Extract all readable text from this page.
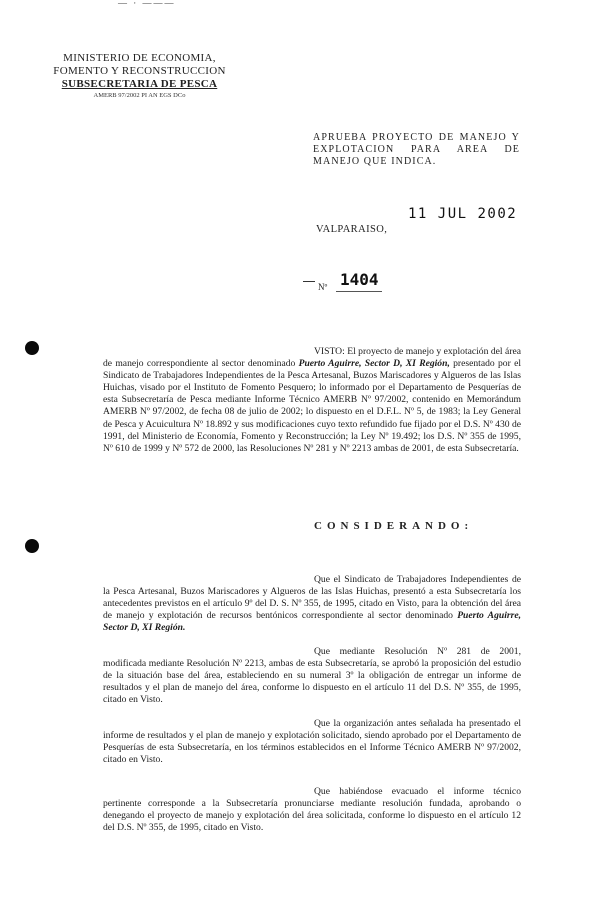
— · ———
MINISTERIO DE ECONOMIA,
FOMENTO Y RECONSTRUCCION
SUBSECRETARIA DE PESCA
AMERB 97/2002 PI AN EGS DCo
APRUEBA PROYECTO DE MANEJO Y EXPLOTACION PARA AREA DE MANEJO QUE INDICA.
VALPARAISO,
11 JUL 2002
Nº 1404
VISTO: El proyecto de manejo y explotación del área de manejo correspondiente al sector denominado Puerto Aguirre, Sector D, XI Región, presentado por el Sindicato de Trabajadores Independientes de la Pesca Artesanal, Buzos Mariscadores y Algueros de las Islas Huichas, visado por el Instituto de Fomento Pesquero; lo informado por el Departamento de Pesquerías de esta Subsecretaría de Pesca mediante Informe Técnico AMERB Nº 97/2002, contenido en Memorándum AMERB Nº 97/2002, de fecha 08 de julio de 2002; lo dispuesto en el D.F.L. Nº 5, de 1983; la Ley General de Pesca y Acuicultura Nº 18.892 y sus modificaciones cuyo texto refundido fue fijado por el D.S. Nº 430 de 1991, del Ministerio de Economía, Fomento y Reconstrucción; la Ley Nº 19.492; los D.S. Nº 355 de 1995, Nº 610 de 1999 y Nº 572 de 2000, las Resoluciones Nº 281 y Nº 2213 ambas de 2001, de esta Subsecretaría.
CONSIDERANDO:
Que el Sindicato de Trabajadores Independientes de la Pesca Artesanal, Buzos Mariscadores y Algueros de las Islas Huichas, presentó a esta Subsecretaría los antecedentes previstos en el artículo 9º del D. S. Nº 355, de 1995, citado en Visto, para la obtención del área de manejo y explotación de recursos bentónicos correspondiente al sector denominado Puerto Aguirre, Sector D, XI Región.
Que mediante Resolución Nº 281 de 2001, modificada mediante Resolución Nº 2213, ambas de esta Subsecretaría, se aprobó la proposición del estudio de la situación base del área, estableciendo en su numeral 3º la obligación de entregar un informe de resultados y el plan de manejo del área, conforme lo dispuesto en el artículo 11 del D.S. Nº 355, de 1995, citado en Visto.
Que la organización antes señalada ha presentado el informe de resultados y el plan de manejo y explotación solicitado, siendo aprobado por el Departamento de Pesquerías de esta Subsecretaría, en los términos establecidos en el Informe Técnico AMERB Nº 97/2002, citado en Visto.
Que habiéndose evacuado el informe técnico pertinente corresponde a la Subsecretaría pronunciarse mediante resolución fundada, aprobando o denegando el proyecto de manejo y explotación del área solicitada, conforme lo dispuesto en el artículo 12 del D.S. Nº 355, de 1995, citado en Visto.
